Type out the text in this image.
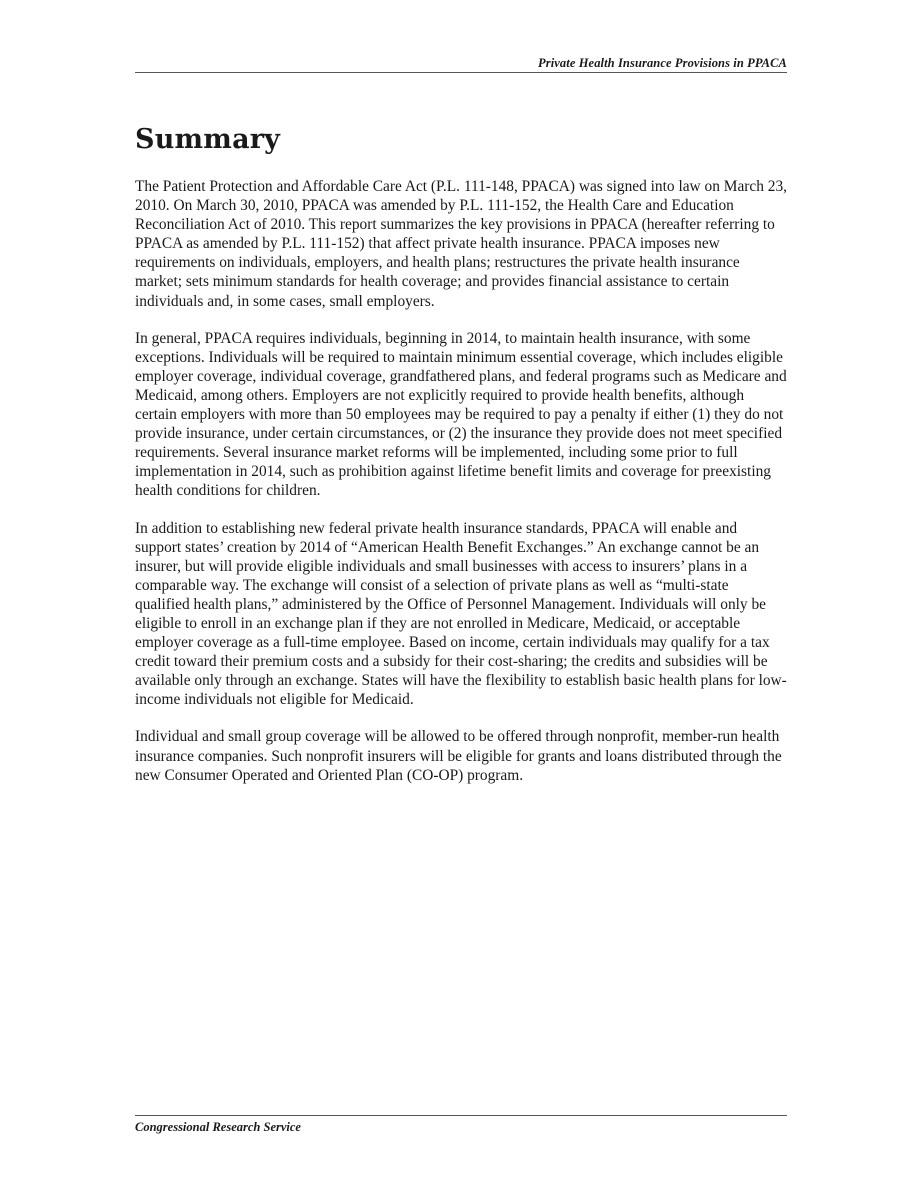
Private Health Insurance Provisions in PPACA
Summary

The Patient Protection and Affordable Care Act (P.L. 111-148, PPACA) was signed into law on March 23, 2010. On March 30, 2010, PPACA was amended by P.L. 111-152, the Health Care and Education Reconciliation Act of 2010. This report summarizes the key provisions in PPACA (hereafter referring to PPACA as amended by P.L. 111-152) that affect private health insurance. PPACA imposes new requirements on individuals, employers, and health plans; restructures the private health insurance market; sets minimum standards for health coverage; and provides financial assistance to certain individuals and, in some cases, small employers.

In general, PPACA requires individuals, beginning in 2014, to maintain health insurance, with some exceptions. Individuals will be required to maintain minimum essential coverage, which includes eligible employer coverage, individual coverage, grandfathered plans, and federal programs such as Medicare and Medicaid, among others. Employers are not explicitly required to provide health benefits, although certain employers with more than 50 employees may be required to pay a penalty if either (1) they do not provide insurance, under certain circumstances, or (2) the insurance they provide does not meet specified requirements. Several insurance market reforms will be implemented, including some prior to full implementation in 2014, such as prohibition against lifetime benefit limits and coverage for preexisting health conditions for children.

In addition to establishing new federal private health insurance standards, PPACA will enable and support states’ creation by 2014 of “American Health Benefit Exchanges.” An exchange cannot be an insurer, but will provide eligible individuals and small businesses with access to insurers’ plans in a comparable way. The exchange will consist of a selection of private plans as well as “multi-state qualified health plans,” administered by the Office of Personnel Management. Individuals will only be eligible to enroll in an exchange plan if they are not enrolled in Medicare, Medicaid, or acceptable employer coverage as a full-time employee. Based on income, certain individuals may qualify for a tax credit toward their premium costs and a subsidy for their cost-sharing; the credits and subsidies will be available only through an exchange. States will have the flexibility to establish basic health plans for low-income individuals not eligible for Medicaid.

Individual and small group coverage will be allowed to be offered through nonprofit, member-run health insurance companies. Such nonprofit insurers will be eligible for grants and loans distributed through the new Consumer Operated and Oriented Plan (CO-OP) program.

Congressional Research Service
